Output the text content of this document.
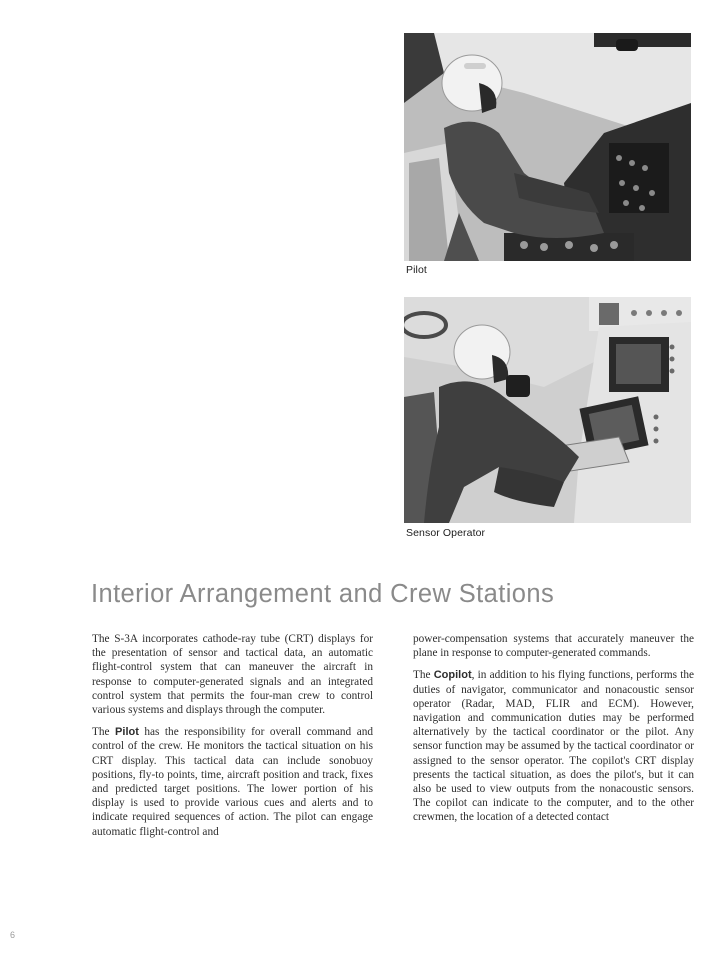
Pilot
Sensor Operator
Interior Arrangement and Crew Stations

The S-3A incorporates cathode-ray tube (CRT) displays for the presentation of sensor and tactical data, an automatic flight-control system that can maneuver the aircraft in response to computer-generated signals and an integrated control system that permits the four-man crew to control various systems and displays through the computer.

The Pilot has the responsibility for overall command and control of the crew. He monitors the tactical situation on his CRT display. This tactical data can include sonobuoy positions, fly-to points, time, aircraft position and track, fixes and predicted target positions. The lower portion of his display is used to provide various cues and alerts and to indicate required sequences of action. The pilot can engage automatic flight-control and

power-compensation systems that accurately maneuver the plane in response to computer-generated commands.

The Copilot, in addition to his flying functions, performs the duties of navigator, communicator and nonacoustic sensor operator (Radar, MAD, FLIR and ECM). However, navigation and communication duties may be performed alternatively by the tactical coordinator or the pilot. Any sensor function may be assumed by the tactical coordinator or assigned to the sensor operator. The copilot's CRT display presents the tactical situation, as does the pilot's, but it can also be used to view outputs from the nonacoustic sensors. The copilot can indicate to the computer, and to the other crewmen, the location of a detected contact

6
